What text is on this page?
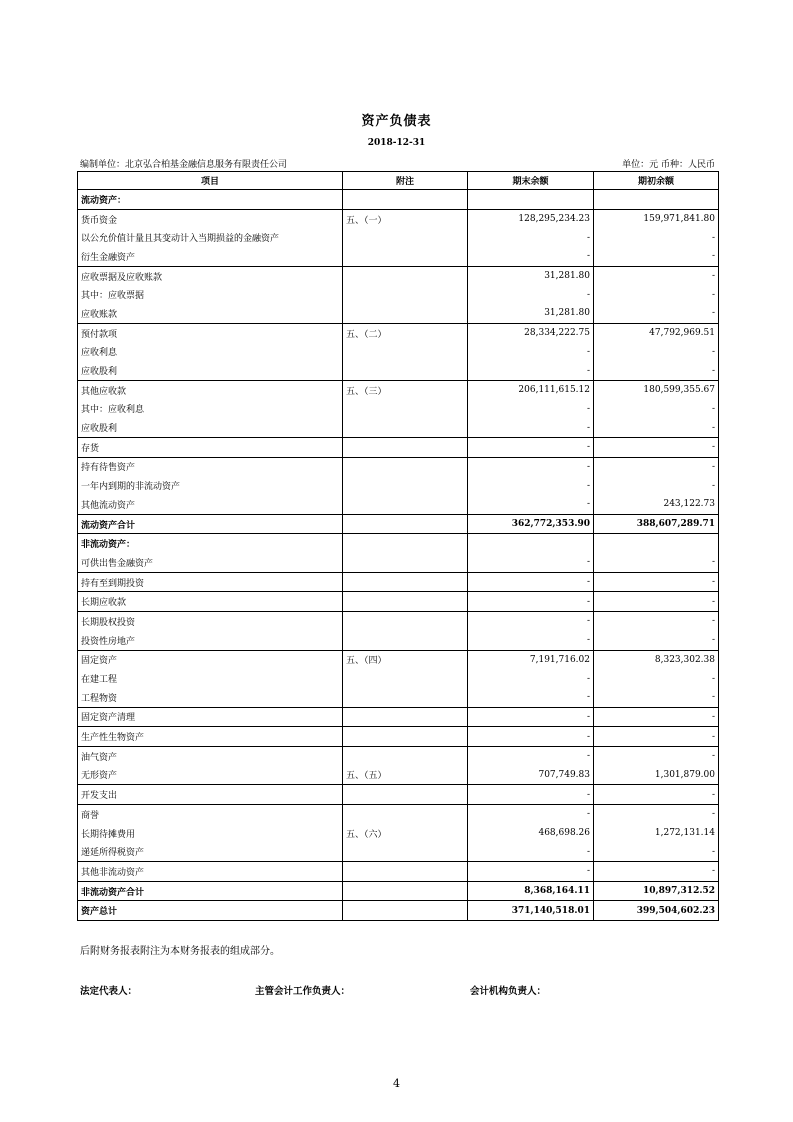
资产负债表
2018-12-31
编制单位：北京弘合柏基金融信息服务有限责任公司	单位：元 币种：人民币
项目	附注	期末余额	期初余额
流动资产：			
货币资金	五、（一）	128,295,234.23	159,971,841.80
以公允价值计量且其变动计入当期损益的金融资产		-	-
衍生金融资产		-	-
应收票据及应收账款		31,281.80	-
其中：应收票据		-	-
应收账款		31,281.80	-
预付款项	五、（二）	28,334,222.75	47,792,969.51
应收利息		-	-
应收股利		-	-
其他应收款	五、（三）	206,111,615.12	180,599,355.67
其中：应收利息		-	-
应收股利		-	-
存货		-	-
持有待售资产		-	-
一年内到期的非流动资产		-	-
其他流动资产		-	243,122.73
流动资产合计		362,772,353.90	388,607,289.71
非流动资产：			
可供出售金融资产		-	-
持有至到期投资		-	-
长期应收款		-	-
长期股权投资		-	-
投资性房地产		-	-
固定资产	五、（四）	7,191,716.02	8,323,302.38
在建工程		-	-
工程物资		-	-
固定资产清理		-	-
生产性生物资产		-	-
油气资产		-	-
无形资产	五、（五）	707,749.83	1,301,879.00
开发支出		-	-
商誉		-	-
长期待摊费用	五、（六）	468,698.26	1,272,131.14
递延所得税资产		-	-
其他非流动资产		-	-
非流动资产合计		8,368,164.11	10,897,312.52
资产总计		371,140,518.01	399,504,602.23
后附财务报表附注为本财务报表的组成部分。
法定代表人：	主管会计工作负责人：	会计机构负责人：
4
